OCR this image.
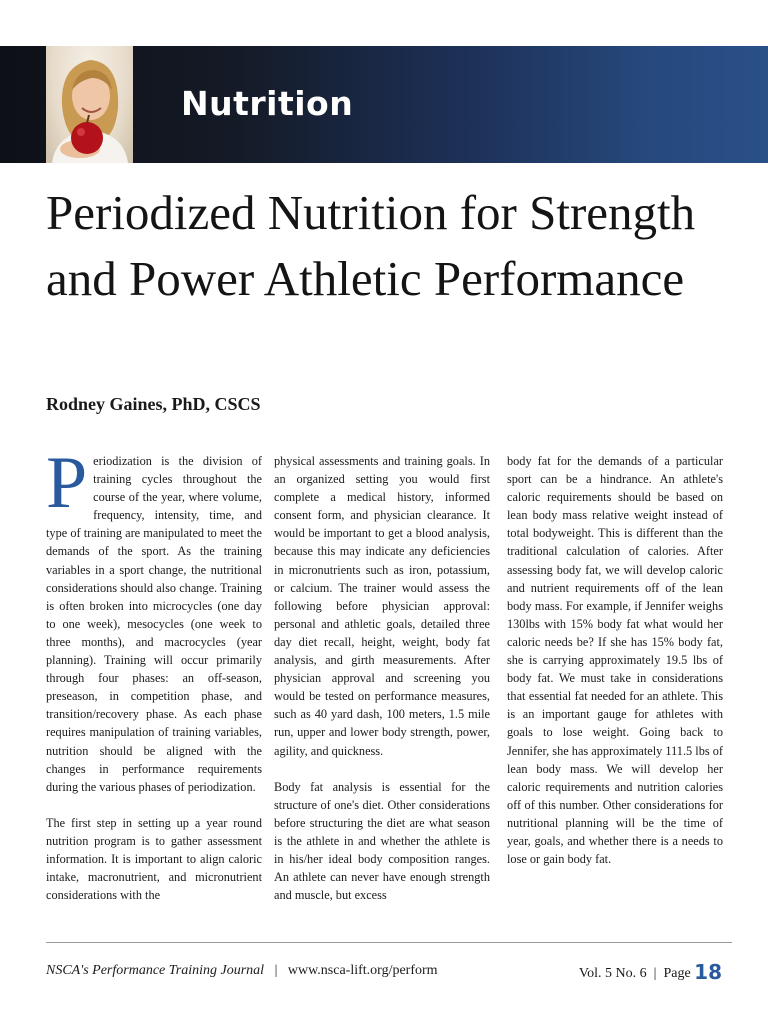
Nutrition
Periodized Nutrition for Strength and Power Athletic Performance

Rodney Gaines, PhD, CSCS

Periodization is the division of training cycles throughout the course of the year, where volume, frequency, intensity, time, and type of training are manipulated to meet the demands of the sport. As the training variables in a sport change, the nutritional considerations should also change. Training is often broken into microcycles (one day to one week), mesocycles (one week to three months), and macrocycles (year planning). Training will occur primarily through four phases: an off-season, preseason, in competition phase, and transition/recovery phase. As each phase requires manipulation of training variables, nutrition should be aligned with the changes in performance requirements during the various phases of periodization.

The first step in setting up a year round nutrition program is to gather assessment information. It is important to align caloric intake, macronutrient, and micronutrient considerations with the

physical assessments and training goals. In an organized setting you would first complete a medical history, informed consent form, and physician clearance. It would be important to get a blood analysis, because this may indicate any deficiencies in micronutrients such as iron, potassium, or calcium. The trainer would assess the following before physician approval: personal and athletic goals, detailed three day diet recall, height, weight, body fat analysis, and girth measurements. After physician approval and screening you would be tested on performance measures, such as 40 yard dash, 100 meters, 1.5 mile run, upper and lower body strength, power, agility, and quickness.

Body fat analysis is essential for the structure of one's diet. Other considerations before structuring the diet are what season is the athlete in and whether the athlete is in his/her ideal body composition ranges. An athlete can never have enough strength and muscle, but excess

body fat for the demands of a particular sport can be a hindrance. An athlete's caloric requirements should be based on lean body mass relative weight instead of total bodyweight. This is different than the traditional calculation of calories. After assessing body fat, we will develop caloric and nutrient requirements off of the lean body mass. For example, if Jennifer weighs 130lbs with 15% body fat what would her caloric needs be? If she has 15% body fat, she is carrying approximately 19.5 lbs of body fat. We must take in considerations that essential fat needed for an athlete. This is an important gauge for athletes with goals to lose weight. Going back to Jennifer, she has approximately 111.5 lbs of lean body mass. We will develop her caloric requirements and nutrition calories off of this number. Other considerations for nutritional planning will be the time of year, goals, and whether there is a needs to lose or gain body fat.

NSCA's Performance Training Journal | www.nsca-lift.org/perform	Vol. 5 No. 6 | Page 18
